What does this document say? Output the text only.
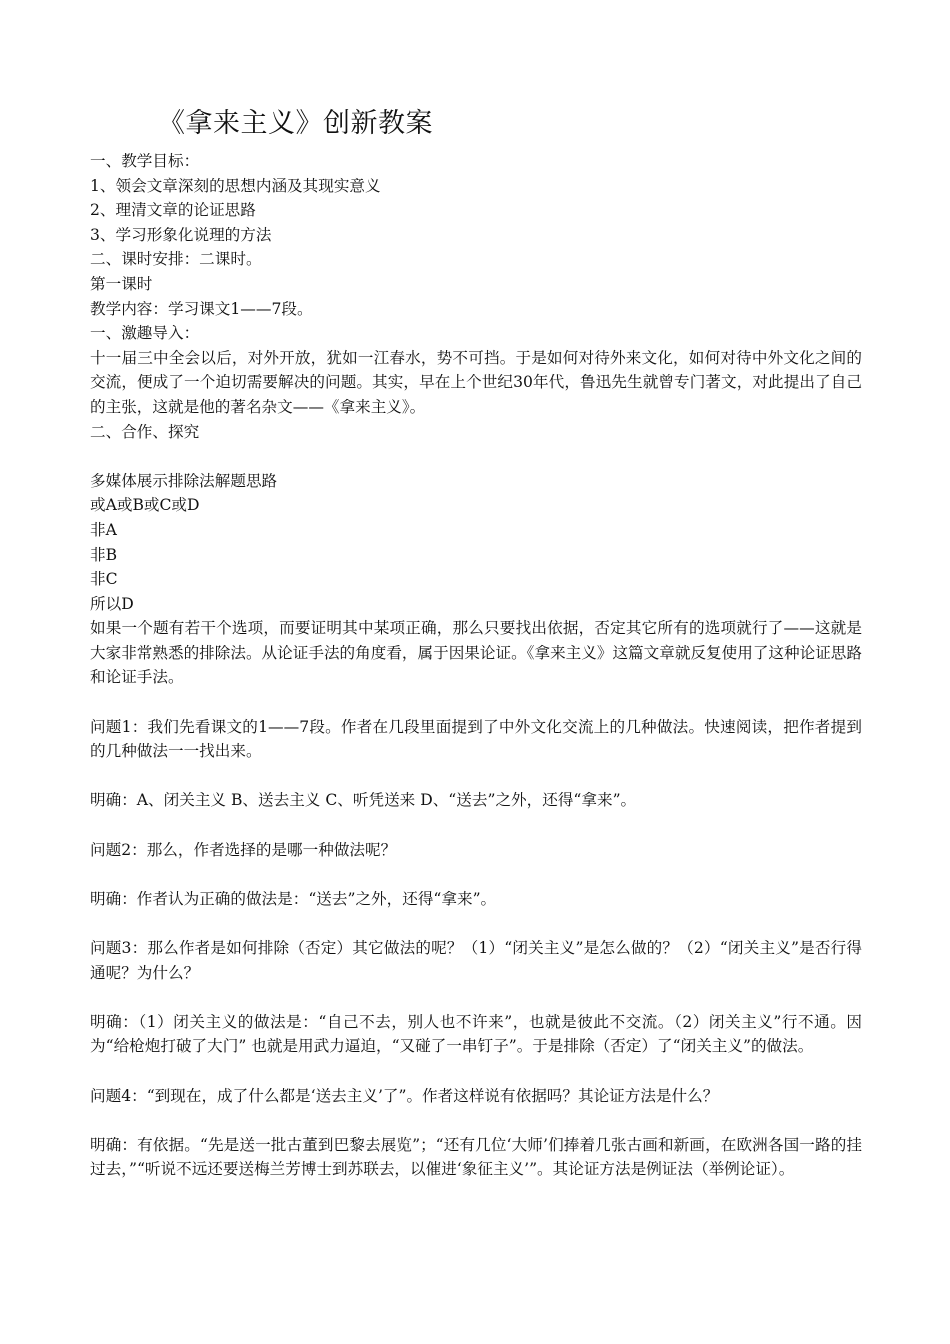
《拿来主义》创新教案

一、教学目标：

1、领会文章深刻的思想内涵及其现实意义

2、理清文章的论证思路

3、学习形象化说理的方法

二、课时安排：二课时。

第一课时

教学内容：学习课文1——7段。

一、激趣导入：

十一届三中全会以后，对外开放，犹如一江春水，势不可挡。于是如何对待外来文化，如何对待中外文化之间的交流，便成了一个迫切需要解决的问题。其实，早在上个世纪30年代，鲁迅先生就曾专门著文，对此提出了自己的主张，这就是他的著名杂文——《拿来主义》。

二、合作、探究

多媒体展示排除法解题思路

或A或B或C或D

非A

非B

非C

所以D

如果一个题有若干个选项，而要证明其中某项正确，那么只要找出依据，否定其它所有的选项就行了——这就是大家非常熟悉的排除法。从论证手法的角度看，属于因果论证。《拿来主义》这篇文章就反复使用了这种论证思路和论证手法。

问题1：我们先看课文的1——7段。作者在几段里面提到了中外文化交流上的几种做法。快速阅读，把作者提到的几种做法一一找出来。

明确：A、闭关主义 B、送去主义 C、听凭送来 D、“送去”之外，还得“拿来”。

问题2：那么，作者选择的是哪一种做法呢？

明确：作者认为正确的做法是：“送去”之外，还得“拿来”。

问题3：那么作者是如何排除（否定）其它做法的呢？（1）“闭关主义”是怎么做的？（2）“闭关主义”是否行得通呢？为什么？

明确：（1）闭关主义的做法是：“自己不去，别人也不许来”，也就是彼此不交流。（2）闭关主义”行不通。因为“给枪炮打破了大门” 也就是用武力逼迫，“又碰了一串钉子”。于是排除（否定）了“闭关主义”的做法。

问题4：“到现在，成了什么都是‘送去主义’了”。作者这样说有依据吗？其论证方法是什么？

明确：有依据。“先是送一批古董到巴黎去展览”；“还有几位‘大师’们捧着几张古画和新画，在欧洲各国一路的挂过去，”“听说不远还要送梅兰芳博士到苏联去，以催进‘象征主义’”。其论证方法是例证法（举例论证）。
